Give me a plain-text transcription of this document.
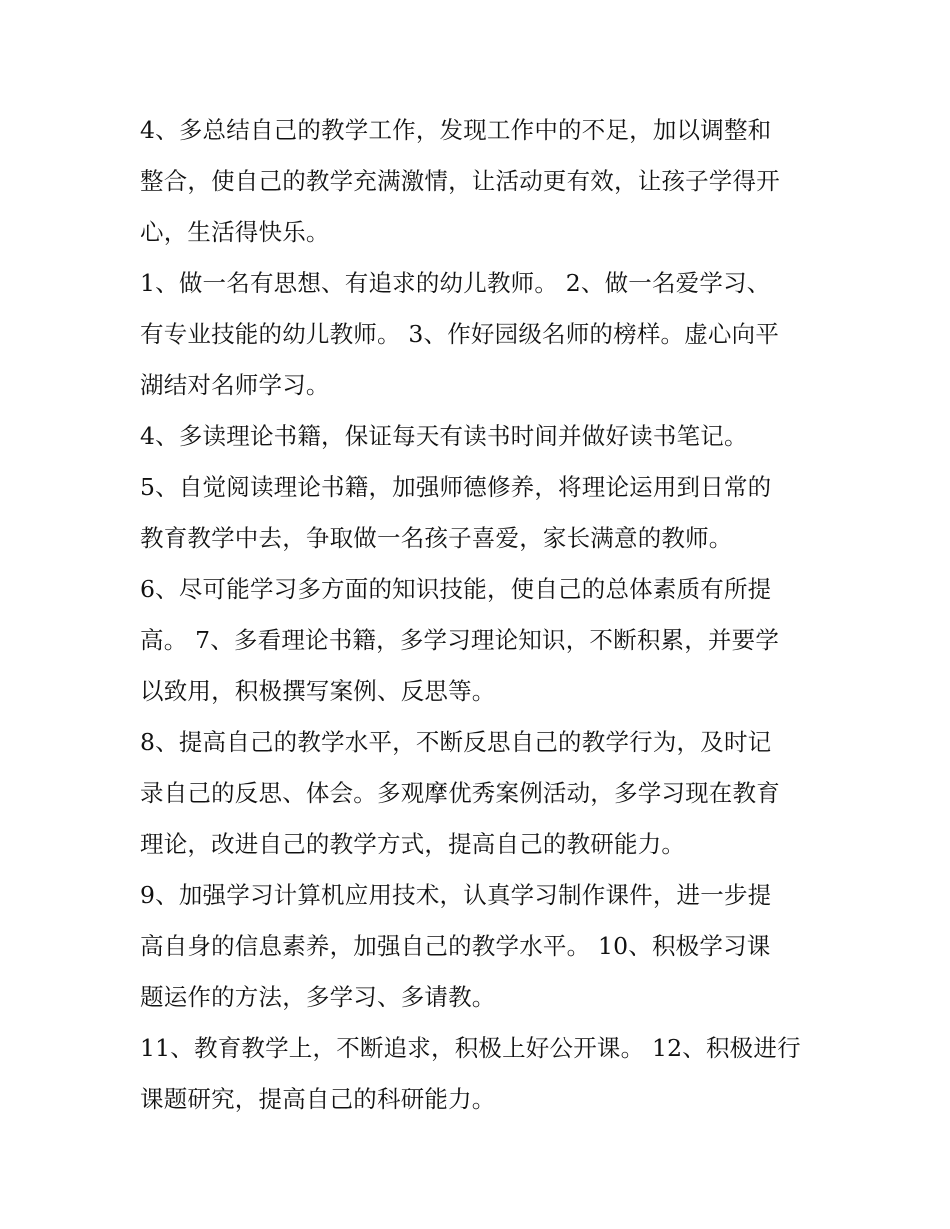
4、多总结自己的教学工作，发现工作中的不足，加以调整和
整合，使自己的教学充满激情，让活动更有效，让孩子学得开
心，生活得快乐。

1、做一名有思想、有追求的幼儿教师。 2、做一名爱学习、
有专业技能的幼儿教师。 3、作好园级名师的榜样。虚心向平
湖结对名师学习。

4、多读理论书籍，保证每天有读书时间并做好读书笔记。

5、自觉阅读理论书籍，加强师德修养，将理论运用到日常的
教育教学中去，争取做一名孩子喜爱，家长满意的教师。

6、尽可能学习多方面的知识技能，使自己的总体素质有所提
高。 7、多看理论书籍，多学习理论知识，不断积累，并要学
以致用，积极撰写案例、反思等。

8、提高自己的教学水平，不断反思自己的教学行为，及时记
录自己的反思、体会。多观摩优秀案例活动，多学习现在教育
理论，改进自己的教学方式，提高自己的教研能力。

9、加强学习计算机应用技术，认真学习制作课件，进一步提
高自身的信息素养，加强自己的教学水平。 10、积极学习课
题运作的方法，多学习、多请教。

11、教育教学上，不断追求，积极上好公开课。 12、积极进行
课题研究，提高自己的科研能力。
